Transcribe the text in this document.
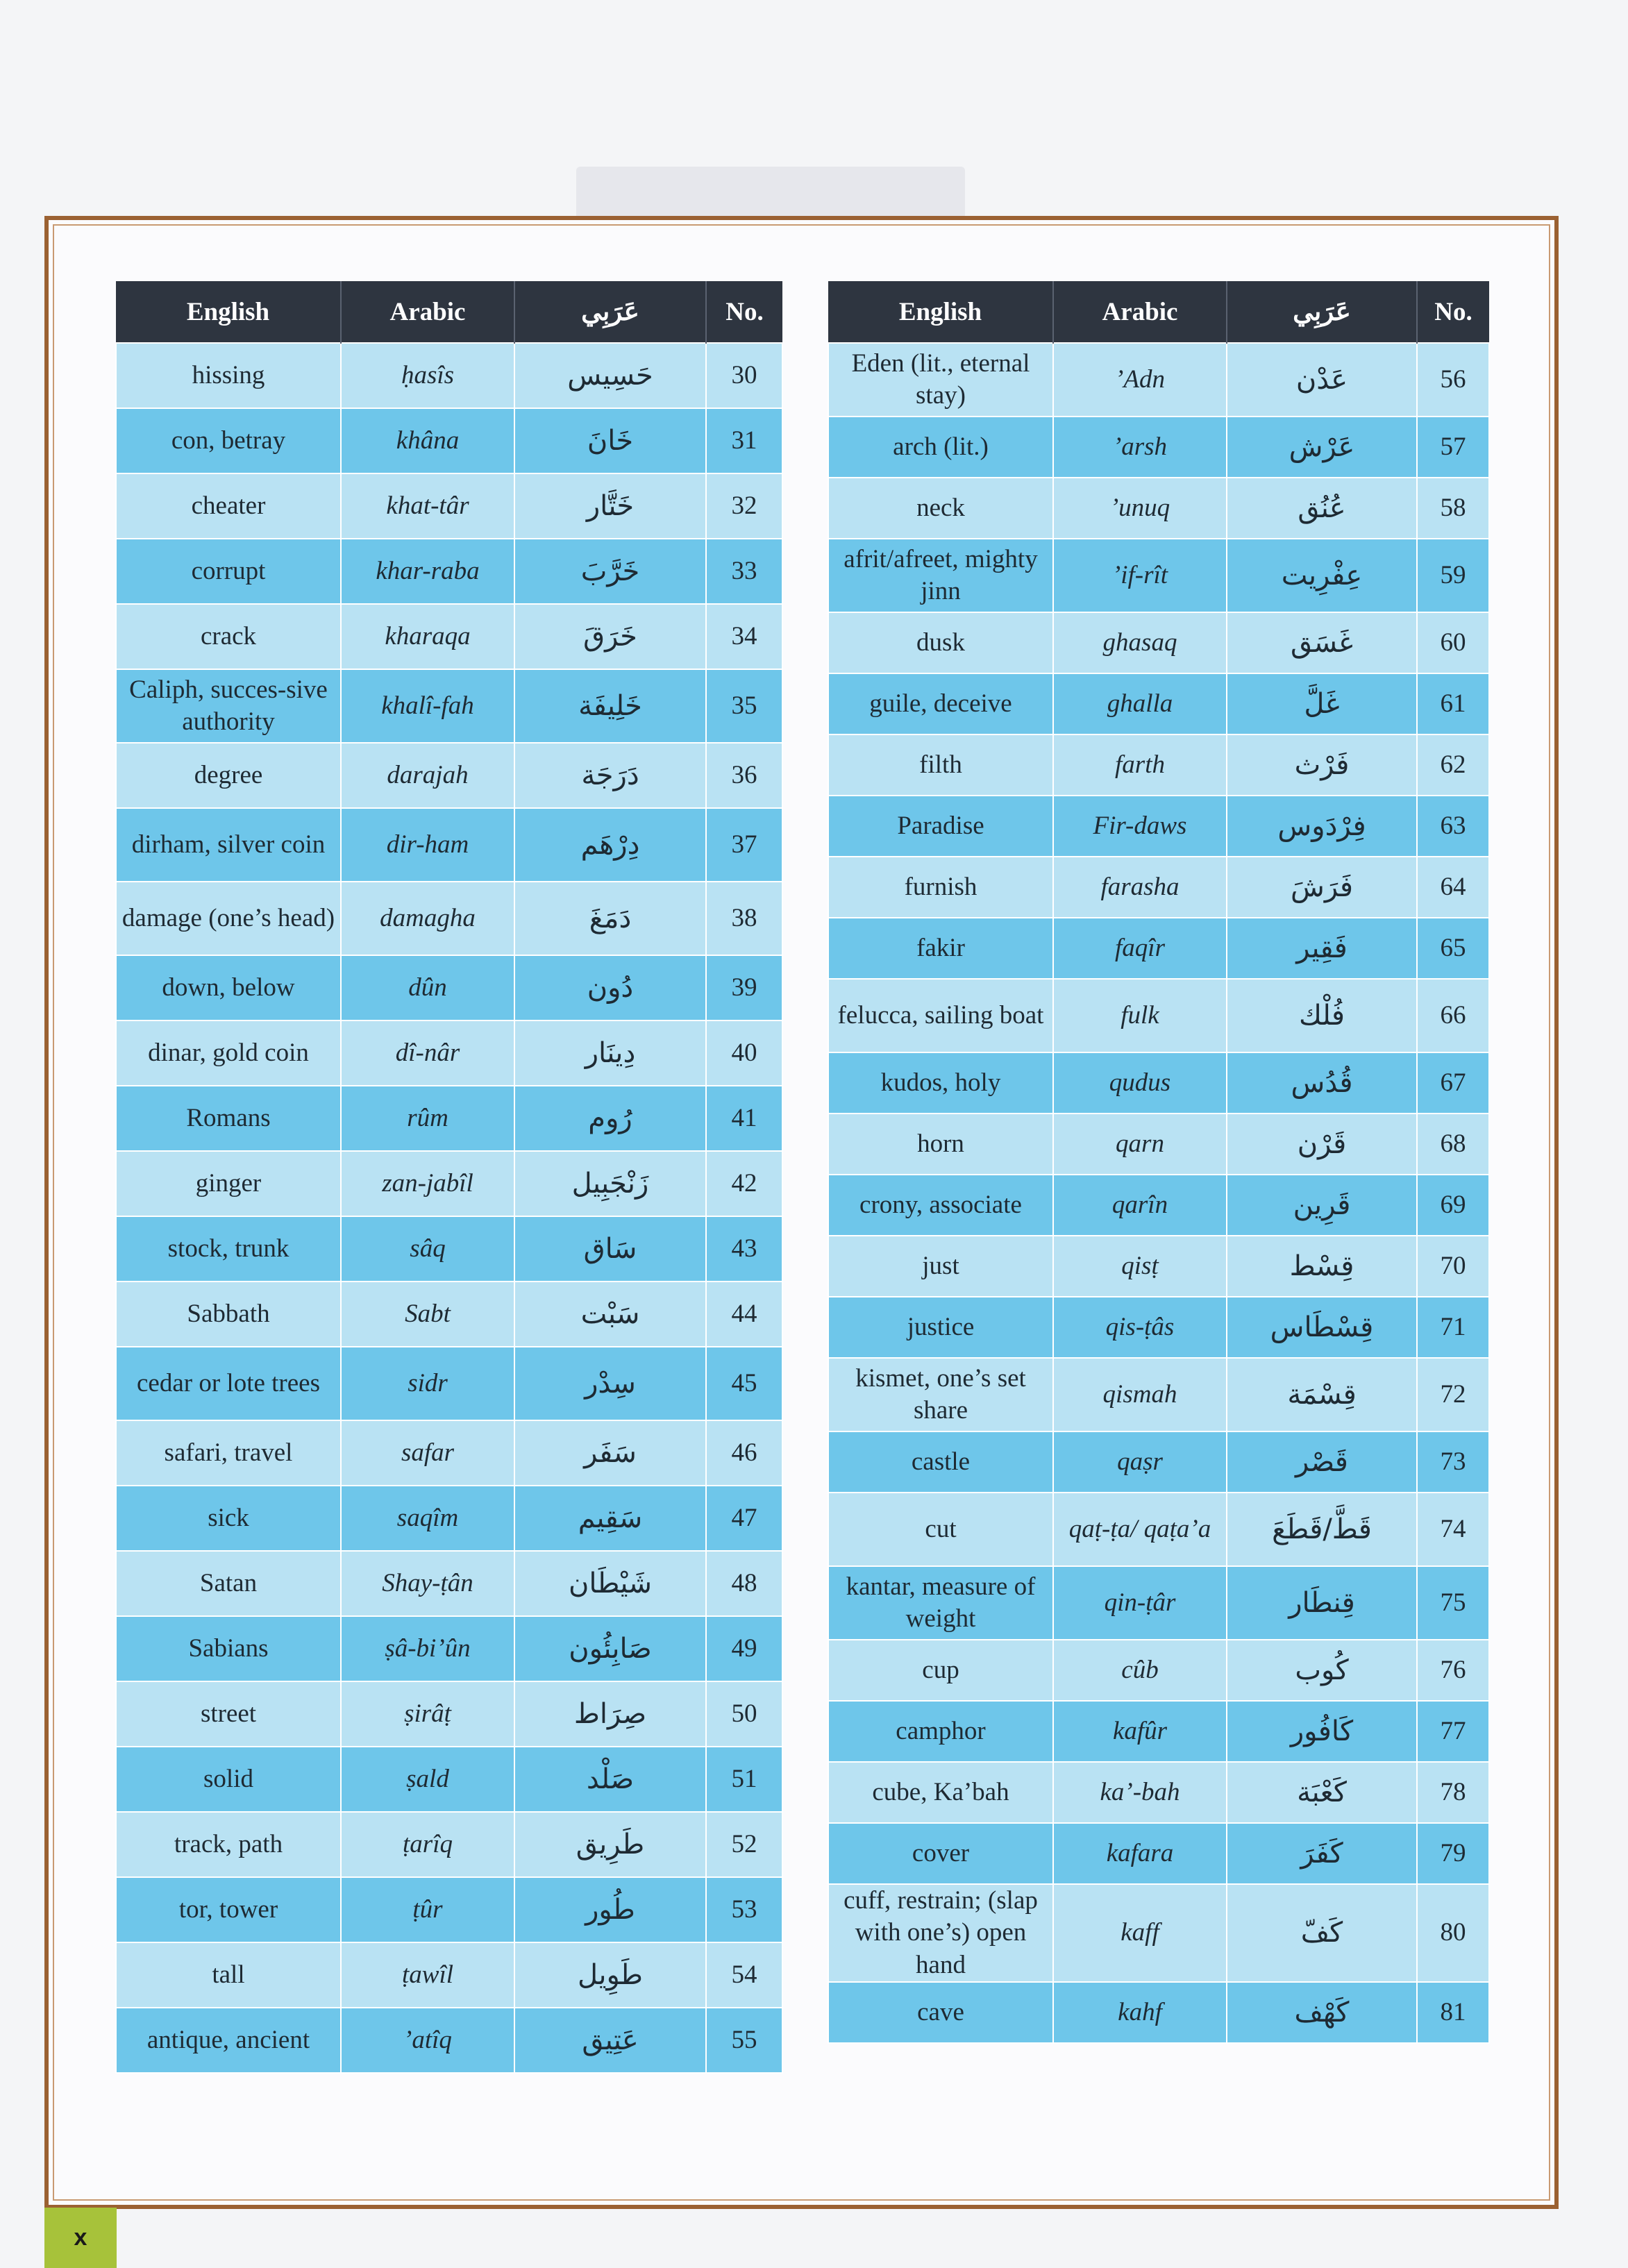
English	Arabic	عَرَبِي	No.
hissing	ḥasîs	حَسِيس	30
con, betray	khâna	خَانَ	31
cheater	khat-târ	خَتَّار	32
corrupt	khar-raba	خَرَّبَ	33
crack	kharaqa	خَرَقَ	34
Caliph, succes-sive authority	khalî-fah	خَلِيفَة	35
degree	darajah	دَرَجَة	36
dirham, silver coin	dir-ham	دِرْهَم	37
damage (one’s head)	damagha	دَمَغَ	38
down, below	dûn	دُون	39
dinar, gold coin	dî-nâr	دِينَار	40
Romans	rûm	رُوم	41
ginger	zan-jabîl	زَنْجَبِيل	42
stock, trunk	sâq	سَاق	43
Sabbath	Sabt	سَبْت	44
cedar or lote trees	sidr	سِدْر	45
safari, travel	safar	سَفَر	46
sick	saqîm	سَقِيم	47
Satan	Shay-ṭân	شَيْطَان	48
Sabians	ṣâ-bi’ûn	صَابِئُون	49
street	ṣirâṭ	صِرَاط	50
solid	ṣald	صَلْد	51
track, path	ṭarîq	طَرِيق	52
tor, tower	ṭûr	طُور	53
tall	ṭawîl	طَوِيل	54
antique, ancient	’atîq	عَتِيق	55
English	Arabic	عَرَبِي	No.
Eden (lit., eternal stay)	’Adn	عَدْن	56
arch (lit.)	’arsh	عَرْش	57
neck	’unuq	عُنُق	58
afrit/afreet, mighty jinn	’if-rît	عِفْرِيت	59
dusk	ghasaq	غَسَق	60
guile, deceive	ghalla	غَلَّ	61
filth	farth	فَرْث	62
Paradise	Fir-daws	فِرْدَوس	63
furnish	farasha	فَرَشَ	64
fakir	faqîr	فَقِير	65
felucca, sailing boat	fulk	فُلْك	66
kudos, holy	qudus	قُدُس	67
horn	qarn	قَرْن	68
crony, associate	qarîn	قَرِين	69
just	qisṭ	قِسْط	70
justice	qis-ṭâs	قِسْطَاس	71
kismet, one’s set share	qismah	قِسْمَة	72
castle	qaṣr	قَصْر	73
cut	qaṭ-ṭa/ qaṭa’a	قَطَّ/قَطَعَ	74
kantar, measure of weight	qin-ṭâr	قِنطَار	75
cup	cûb	كُوب	76
camphor	kafûr	كَافُور	77
cube, Ka’bah	ka’-bah	كَعْبَة	78
cover	kafara	كَفَرَ	79
cuff, restrain; (slap with one’s) open hand	kaff	كَفّ	80
cave	kahf	كَهْف	81
x
